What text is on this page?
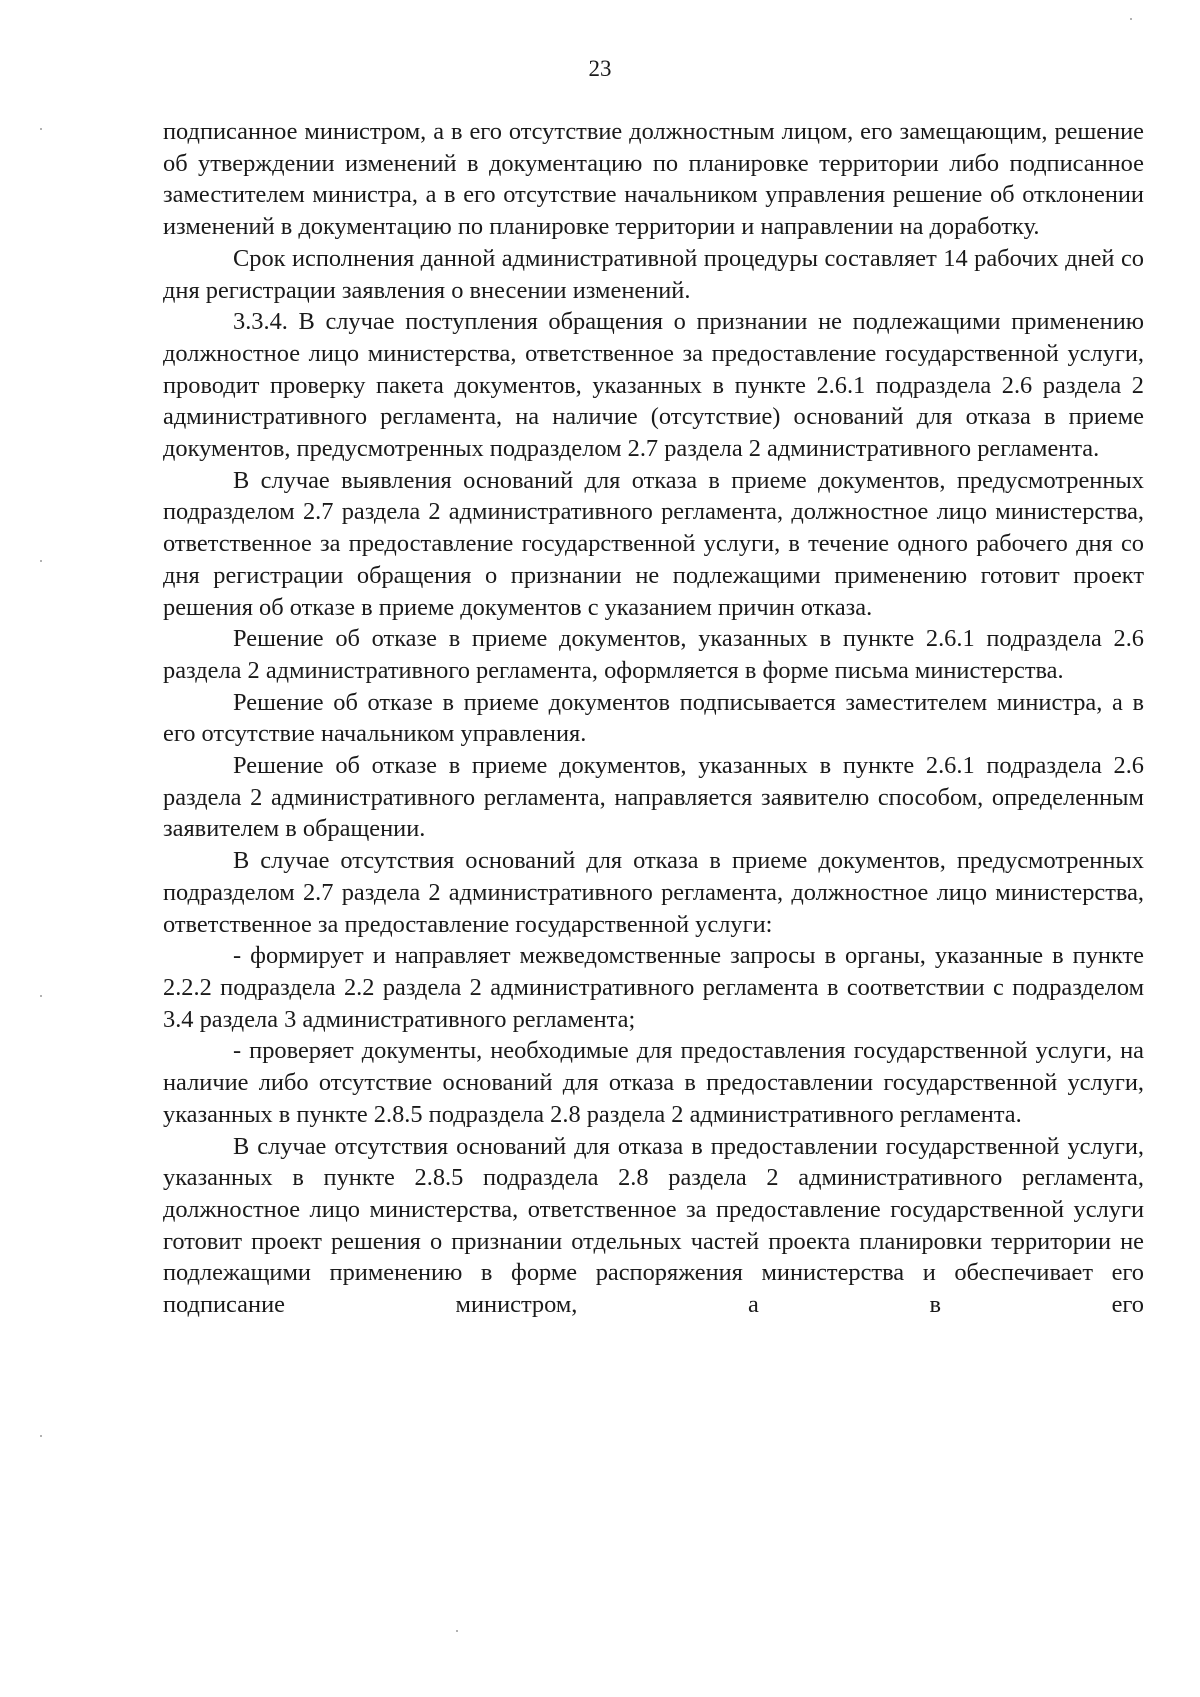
23

подписанное министром, а в его отсутствие должностным лицом, его замещающим, решение об утверждении изменений в документацию по планировке территории либо подписанное заместителем министра, а в его отсутствие начальником управления решение об отклонении изменений в документацию по планировке территории и направлении на доработку.

Срок исполнения данной административной процедуры составляет 14 рабочих дней со дня регистрации заявления о внесении изменений.

3.3.4. В случае поступления обращения о признании не подлежащими применению должностное лицо министерства, ответственное за предоставление государственной услуги, проводит проверку пакета документов, указанных в пункте 2.6.1 подраздела 2.6 раздела 2 административного регламента, на наличие (отсутствие) оснований для отказа в приеме документов, предусмотренных подразделом 2.7 раздела 2 административного регламента.

В случае выявления оснований для отказа в приеме документов, предусмотренных подразделом 2.7 раздела 2 административного регламента, должностное лицо министерства, ответственное за предоставление государственной услуги, в течение одного рабочего дня со дня регистрации обращения о признании не подлежащими применению готовит проект решения об отказе в приеме документов с указанием причин отказа.

Решение об отказе в приеме документов, указанных в пункте 2.6.1 подраздела 2.6 раздела 2 административного регламента, оформляется в форме письма министерства.

Решение об отказе в приеме документов подписывается заместителем министра, а в его отсутствие начальником управления.

Решение об отказе в приеме документов, указанных в пункте 2.6.1 подраздела 2.6 раздела 2 административного регламента, направляется заявителю способом, определенным заявителем в обращении.

В случае отсутствия оснований для отказа в приеме документов, предусмотренных подразделом 2.7 раздела 2 административного регламента, должностное лицо министерства, ответственное за предоставление государственной услуги:

- формирует и направляет межведомственные запросы в органы, указанные в пункте 2.2.2 подраздела 2.2 раздела 2 административного регламента в соответствии с подразделом 3.4 раздела 3 административного регламента;

- проверяет документы, необходимые для предоставления государственной услуги, на наличие либо отсутствие оснований для отказа в предоставлении государственной услуги, указанных в пункте 2.8.5 подраздела 2.8 раздела 2 административного регламента.

В случае отсутствия оснований для отказа в предоставлении государственной услуги, указанных в пункте 2.8.5 подраздела 2.8 раздела 2 административного регламента, должностное лицо министерства, ответственное за предоставление государственной услуги готовит проект решения о признании отдельных частей проекта планировки территории не подлежащими применению в форме распоряжения министерства и обеспечивает его подписание министром, а в его
